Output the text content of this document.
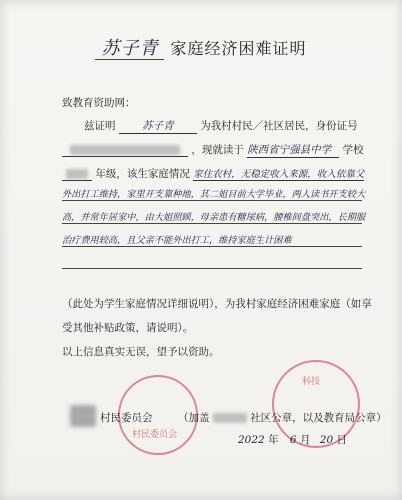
苏子青 家庭经济困难证明
致教育资助网：
兹证明	苏子青	为我村村民／社区居民，身份证号
，现就读于 陕西省宁强县中学 学校
年级，该生家庭情况 家住农村，无稳定收入来源，收入依靠父
外出打工维持，家里开支靠种地，其二姐目前大学毕业，两人读书开支较大
高，并常年居家中，由大姐照顾，母亲患有糖尿病，腰椎间盘突出，长期服
治疗费用较高，且父亲不能外出打工，维持家庭生计困难
（此处为学生家庭情况详细说明），为我村家庭经济困难家庭（如享
受其他补贴政策，请说明）。
以上信息真实无误，望予以资助。
村民委员会
科技
村民委员会 （加盖	社区公章，以及教育局公章）
2022 年 6 月 20 日
